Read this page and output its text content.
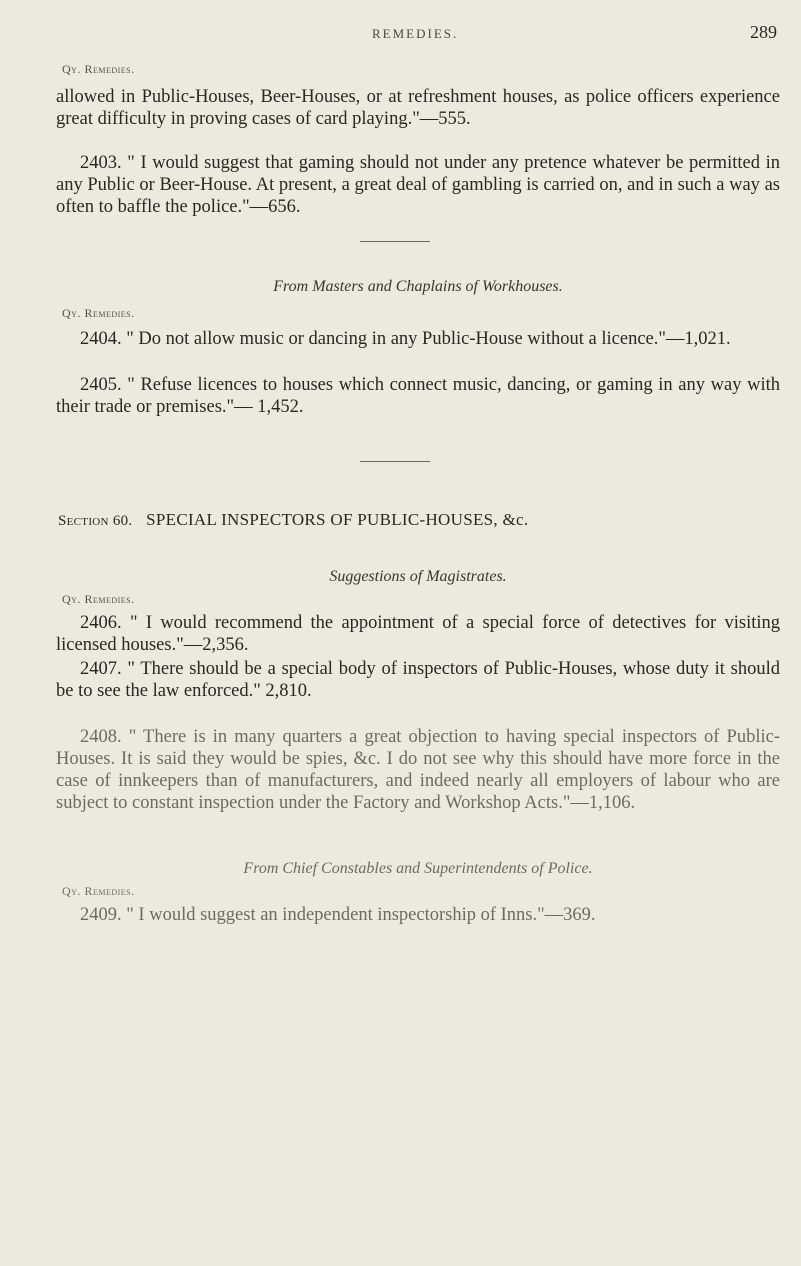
REMEDIES.	289
Qy. Remedies.

allowed in Public-Houses, Beer-Houses, or at refreshment houses, as police officers experience great difficulty in proving cases of card playing."—555.

2403. " I would suggest that gaming should not under any pretence whatever be permitted in any Public or Beer-House. At present, a great deal of gambling is carried on, and in such a way as often to baffle the police."—656.

From Masters and Chaplains of Workhouses.
Qy. Remedies.

2404. " Do not allow music or dancing in any Public-House without a licence."—1,021.

2405. " Refuse licences to houses which connect music, dancing, or gaming in any way with their trade or premises."— 1,452.

Section 60. SPECIAL INSPECTORS OF PUBLIC-HOUSES, &c.
Suggestions of Magistrates.
Qy. Remedies.

2406. " I would recommend the appointment of a special force of detectives for visiting licensed houses."—2,356.

2407. " There should be a special body of inspectors of Public-Houses, whose duty it should be to see the law enforced." 2,810.

2408. " There is in many quarters a great objection to having special inspectors of Public-Houses. It is said they would be spies, &c. I do not see why this should have more force in the case of innkeepers than of manufacturers, and indeed nearly all employers of labour who are subject to constant inspection under the Factory and Workshop Acts."—1,106.

From Chief Constables and Superintendents of Police.
Qy. Remedies.

2409. " I would suggest an independent inspectorship of Inns."—369.
